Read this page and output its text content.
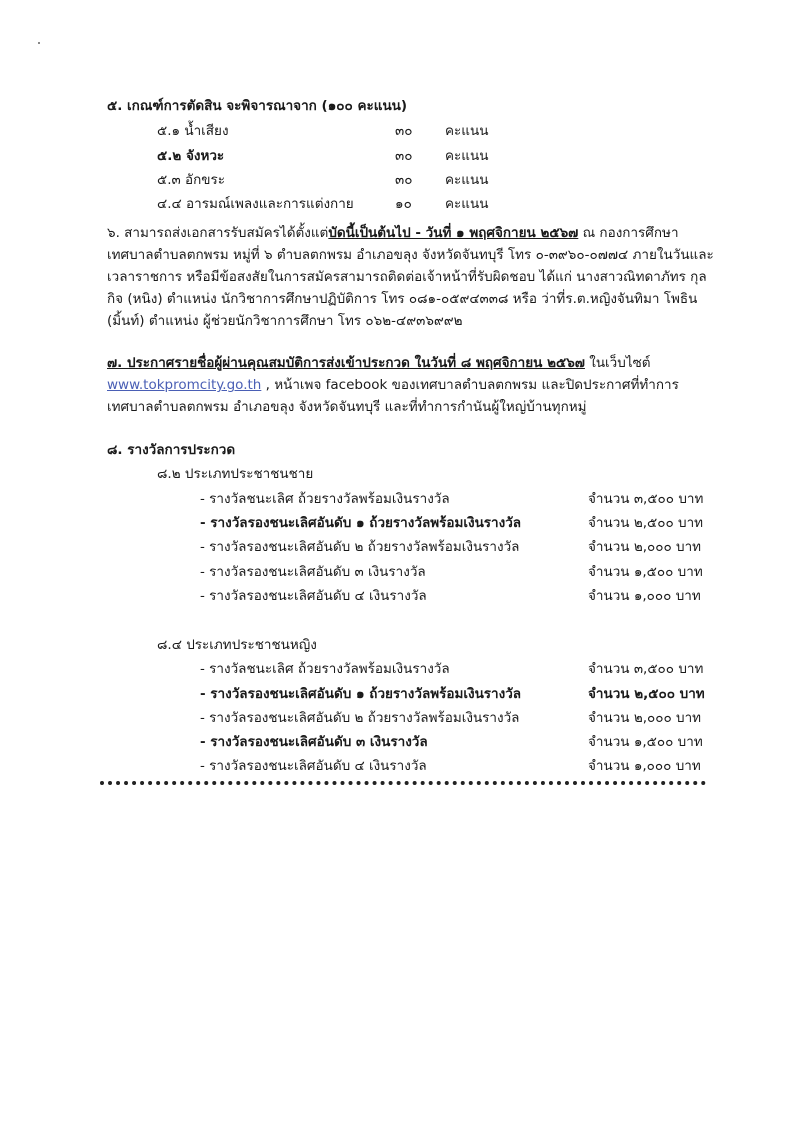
๕. เกณฑ์การตัดสิน จะพิจารณาจาก (๑๐๐ คะแนน)
๕.๑ น้ำเสียง	๓๐ คะแนน
๕.๒ จังหวะ	๓๐ คะแนน
๕.๓ อักขระ	๓๐ คะแนน
๔.๔ อารมณ์เพลงและการแต่งกาย	๑๐ คะแนน
๖. สามารถส่งเอกสารรับสมัครได้ตั้งแต่บัดนี้เป็นต้นไป - วันที่ ๑ พฤศจิกายน ๒๕๖๗ ณ กองการศึกษาเทศบาลตำบลตกพรม หมู่ที่ ๖ ตำบลตกพรม อำเภอขลุง จังหวัดจันทบุรี โทร ๐-๓๙๖๐-๐๗๗๔ ภายในวันและเวลาราชการ หรือมีข้อสงสัยในการสมัครสามารถติดต่อเจ้าหน้าที่รับผิดชอบ ได้แก่ นางสาวณิทดาภัทร กุลกิจ (หนิง) ตำแหน่ง นักวิชาการศึกษาปฏิบัติการ โทร ๐๘๑-๐๕๙๔๓๓๘ หรือ ว่าที่ร.ต.หญิงจันทิมา โพธิน (มิ้นท์) ตำแหน่ง ผู้ช่วยนักวิชาการศึกษา โทร ๐๖๒-๔๙๓๖๙๙๒
๗. ประกาศรายชื่อผู้ผ่านคุณสมบัติการส่งเข้าประกวด ในวันที่ ๘ พฤศจิกายน ๒๕๖๗ ในเว็บไซต์ www.tokpromcity.go.th , หน้าเพจ facebook ของเทศบาลตำบลตกพรม และปิดประกาศที่ทำการเทศบาลตำบลตกพรม อำเภอขลุง จังหวัดจันทบุรี และที่ทำการกำนันผู้ใหญ่บ้านทุกหมู่
๘. รางวัลการประกวด
๘.๒ ประเภทประชาชนชาย
- รางวัลชนะเลิศ ถ้วยรางวัลพร้อมเงินรางวัล	จำนวน ๓,๕๐๐ บาท
- รางวัลรองชนะเลิศอันดับ ๑ ถ้วยรางวัลพร้อมเงินรางวัล	จำนวน ๒,๕๐๐ บาท
- รางวัลรองชนะเลิศอันดับ ๒ ถ้วยรางวัลพร้อมเงินรางวัล	จำนวน ๒,๐๐๐ บาท
- รางวัลรองชนะเลิศอันดับ ๓ เงินรางวัล	จำนวน ๑,๕๐๐ บาท
- รางวัลรองชนะเลิศอันดับ ๔ เงินรางวัล	จำนวน ๑,๐๐๐ บาท
๘.๔ ประเภทประชาชนหญิง
- รางวัลชนะเลิศ ถ้วยรางวัลพร้อมเงินรางวัล	จำนวน ๓,๕๐๐ บาท
- รางวัลรองชนะเลิศอันดับ ๑ ถ้วยรางวัลพร้อมเงินรางวัล	จำนวน ๒,๕๐๐ บาท
- รางวัลรองชนะเลิศอันดับ ๒ ถ้วยรางวัลพร้อมเงินรางวัล	จำนวน ๒,๐๐๐ บาท
- รางวัลรองชนะเลิศอันดับ ๓ เงินรางวัล	จำนวน ๑,๕๐๐ บาท
- รางวัลรองชนะเลิศอันดับ ๔ เงินรางวัล	จำนวน ๑,๐๐๐ บาท
